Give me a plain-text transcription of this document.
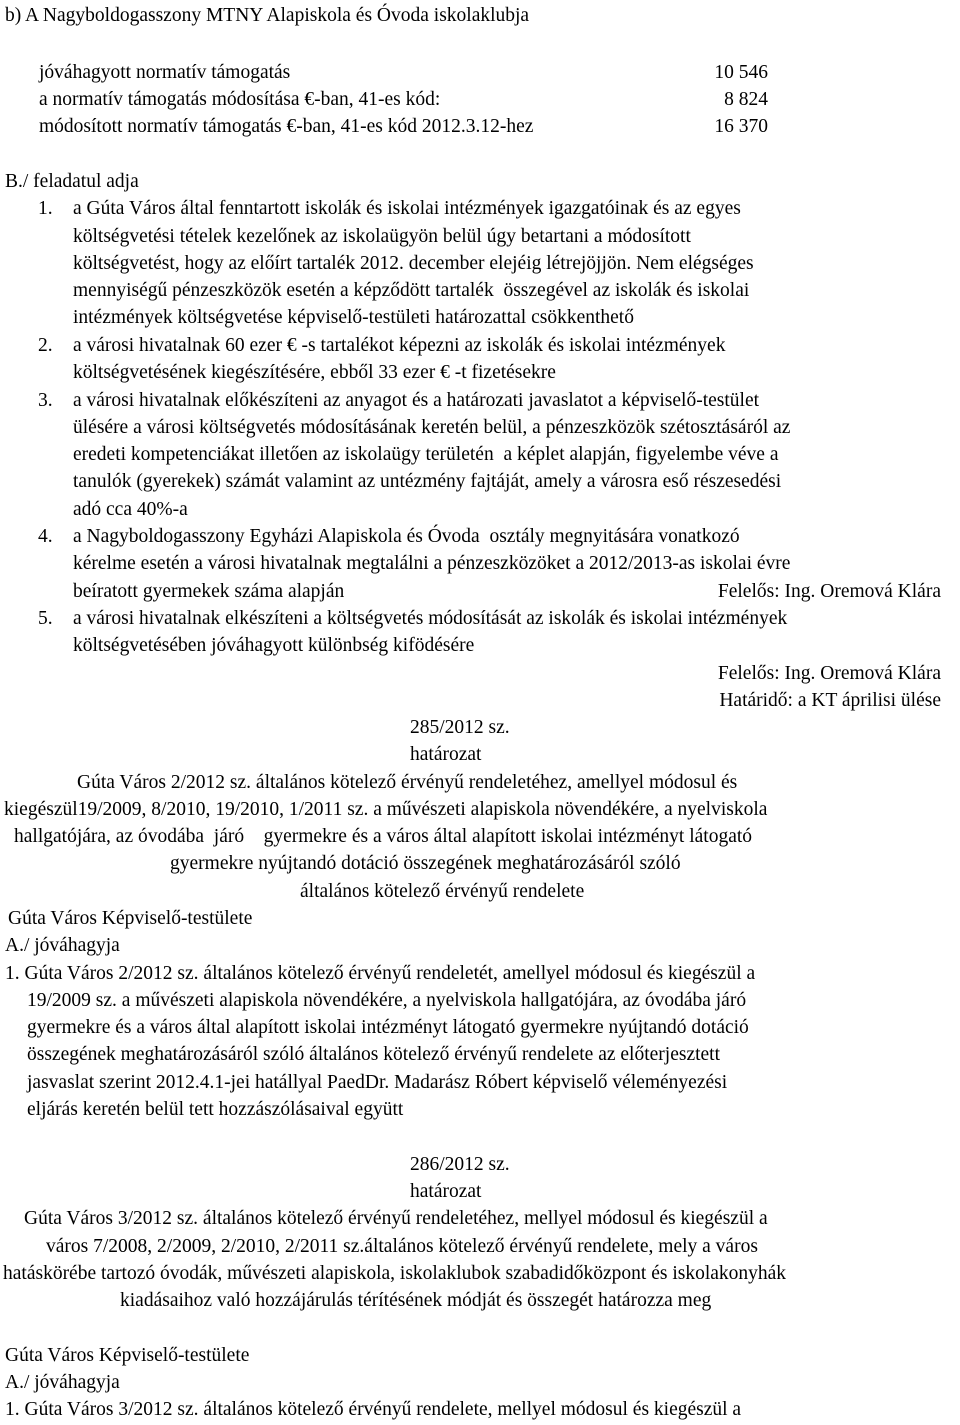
b) A Nagyboldogasszony MTNY Alapiskola és Óvoda iskolaklubja
jóváhagyott normatív támogatás	10 546
a normatív támogatás módosítása €-ban, 41-es kód:	8 824
módosított normatív támogatás €-ban, 41-es kód 2012.3.12-hez	16 370
B./ feladatul adja
1. a Gúta Város által fenntartott iskolák és iskolai intézmények igazgatóinak és az egyes
költségvetési tételek kezelőnek az iskolaügyön belül úgy betartani a módosított
költségvetést, hogy az előírt tartalék 2012. december elejéig létrejöjjön. Nem elégséges
mennyiségű pénzeszközök esetén a képződött tartalék  összegével az iskolák és iskolai
intézmények költségvetése képviselő-testületi határozattal csökkenthető
2. a városi hivatalnak 60 ezer € -s tartalékot képezni az iskolák és iskolai intézmények
költségvetésének kiegészítésére, ebből 33 ezer € -t fizetésekre
3. a városi hivatalnak előkészíteni az anyagot és a határozati javaslatot a képviselő-testület
ülésére a városi költségvetés módosításának keretén belül, a pénzeszközök szétosztásáról az
eredeti kompetenciákat illetően az iskolaügy területén  a képlet alapján, figyelembe véve a
tanulók (gyerekek) számát valamint az untézmény fajtáját, amely a városra eső részesedési
adó cca 40%-a
4. a Nagyboldogasszony Egyházi Alapiskola és Óvoda  osztály megnyitására vonatkozó
kérelme esetén a városi hivatalnak megtalálni a pénzeszközöket a 2012/2013-as iskolai évre
beíratott gyermekek száma alapján	Felelős: Ing. Oremová Klára
5. a városi hivatalnak elkészíteni a költségvetés módosítását az iskolák és iskolai intézmények
költségvetésében jóváhagyott különbség kifödésére
Felelős: Ing. Oremová Klára
Határidő: a KT áprilisi ülése
285/2012 sz.
határozat
Gúta Város 2/2012 sz. általános kötelező érvényű rendeletéhez, amellyel módosul és
kiegészül19/2009, 8/2010, 19/2010, 1/2011 sz. a művészeti alapiskola növendékére, a nyelviskola
hallgatójára, az óvodába  járó    gyermekre és a város által alapított iskolai intézményt látogató
gyermekre nyújtandó dotáció összegének meghatározásáról szóló
általános kötelező érvényű rendelete
Gúta Város Képviselő-testülete
A./ jóváhagyja
1. Gúta Város 2/2012 sz. általános kötelező érvényű rendeletét, amellyel módosul és kiegészül a
19/2009 sz. a művészeti alapiskola növendékére, a nyelviskola hallgatójára, az óvodába járó
gyermekre és a város által alapított iskolai intézményt látogató gyermekre nyújtandó dotáció
összegének meghatározásáról szóló általános kötelező érvényű rendelete az előterjesztett
jasvaslat szerint 2012.4.1-jei hatállyal PaedDr. Madarász Róbert képviselő véleményezési
eljárás keretén belül tett hozzászólásaival együtt
286/2012 sz.
határozat
Gúta Város 3/2012 sz. általános kötelező érvényű rendeletéhez, mellyel módosul és kiegészül a
város 7/2008, 2/2009, 2/2010, 2/2011 sz.általános kötelező érvényű rendelete, mely a város
hatáskörébe tartozó óvodák, művészeti alapiskola, iskolaklubok szabadidőközpont és iskolakonyhák
kiadásaihoz való hozzájárulás térítésének módját és összegét határozza meg
Gúta Város Képviselő-testülete
A./ jóváhagyja
1. Gúta Város 3/2012 sz. általános kötelező érvényű rendelete, mellyel módosul és kiegészül a
